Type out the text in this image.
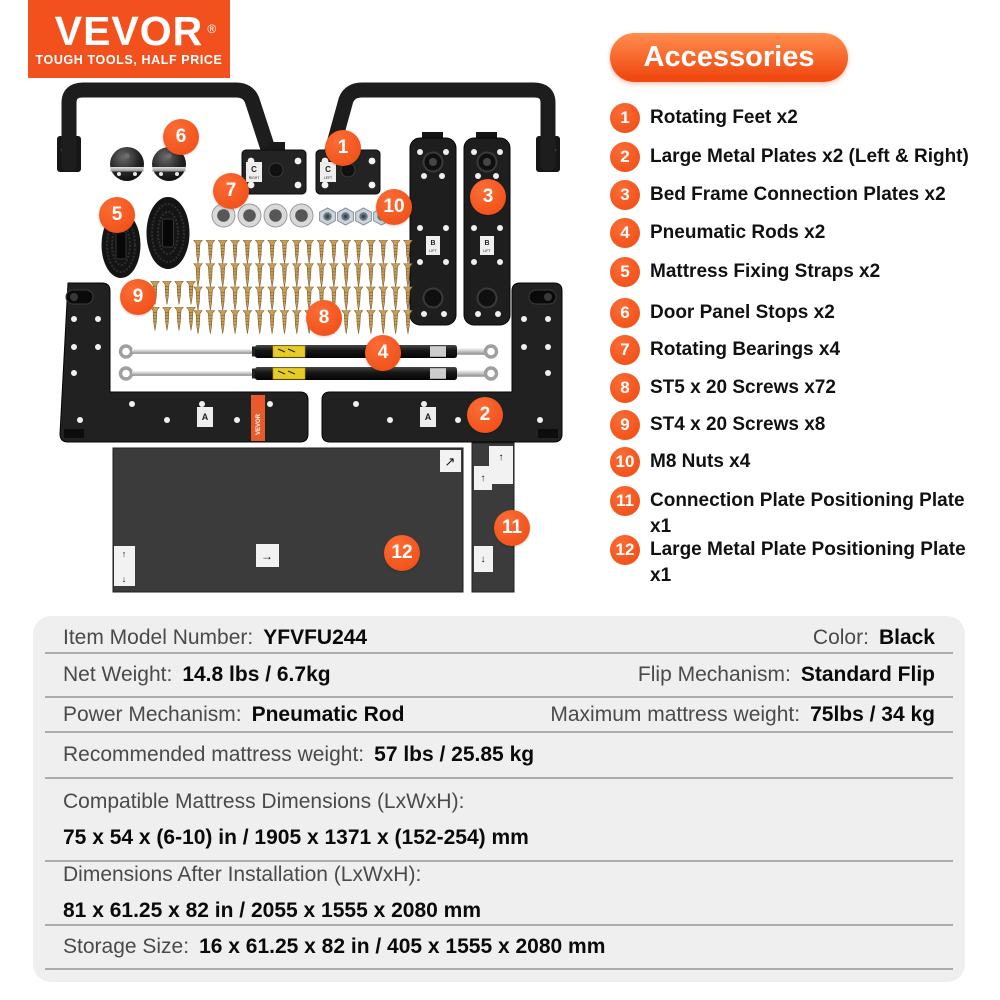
VEVOR ®
TOUGH TOOLS, HALF PRICE
A	VEVOR	A
↗
→
↑
↓
↑
↑
↓
B
LIFT
B
LIFT
C
RIGHT
C
LEFT
1
2
3
4
5
6
7
8
9
10
11
12
Accessories
1	Rotating Feet x2
2	Large Metal Plates x2 (Left & Right)
3	Bed Frame Connection Plates x2
4	Pneumatic Rods x2
5	Mattress Fixing Straps x2
6	Door Panel Stops x2
7	Rotating Bearings x4
8	ST5 x 20 Screws x72
9	ST4 x 20 Screws x8
10 M8 Nuts x4
11 Connection Plate Positioning Plate x1
12 Large Metal Plate Positioning Plate x1
Item Model Number: YFVFU244	Color: Black
Net Weight: 14.8 lbs / 6.7kg	Flip Mechanism: Standard Flip
Power Mechanism: Pneumatic Rod	Maximum mattress weight: 75lbs / 34 kg
Recommended mattress weight: 57 lbs / 25.85 kg
Compatible Mattress Dimensions (LxWxH):
75 x 54 x (6-10) in / 1905 x 1371 x (152-254) mm
Dimensions After Installation (LxWxH):
81 x 61.25 x 82 in / 2055 x 1555 x 2080 mm
Storage Size: 16 x 61.25 x 82 in / 405 x 1555 x 2080 mm
